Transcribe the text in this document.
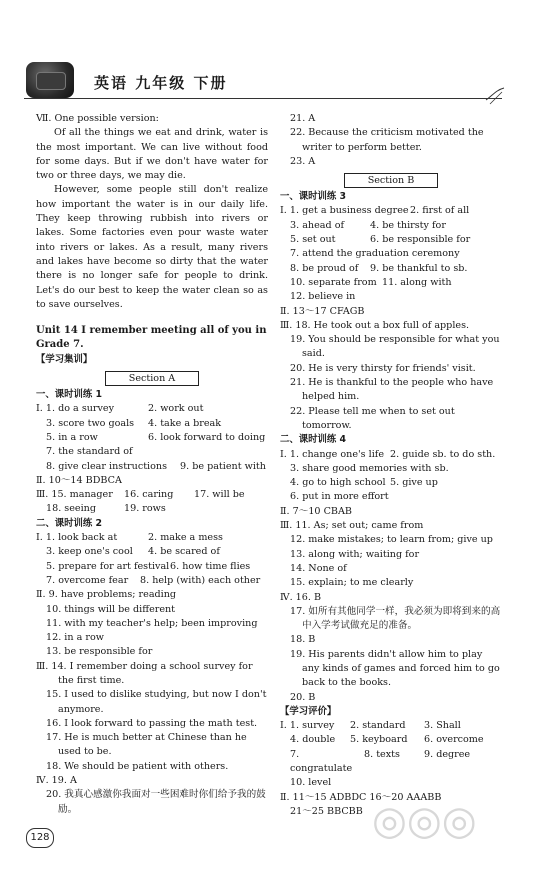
英语 九年级 下册

Ⅶ. One possible version:

Of all the things we eat and drink, water is the most important. We can live without food for some days. But if we don't have water for two or three days, we may die.

However, some people still don't realize how important the water is in our daily life. They keep throwing rubbish into rivers or lakes. Some factories even pour waste water into rivers or lakes. As a result, many rivers and lakes have become so dirty that the water there is no longer safe for people to drink. Let's do our best to keep the water clean so as to save ourselves.

Unit 14 I remember meeting all of you in Grade 7.

【学习集训】

Section A

一、课时训练 1

Ⅰ. 1. do a survey	2. work out
3. score two goals	4. take a break
5. in a row	6. look forward to doing
7. the standard of
8. give clear instructions	9. be patient with

Ⅱ. 10～14 BDBCA

Ⅲ. 15. manager	16. caring	17. will be
18. seeing	19. rows

二、课时训练 2

Ⅰ. 1. look back at	2. make a mess
3. keep one's cool	4. be scared of
5. prepare for art festival 6. how time flies
7. overcome fear	8. help (with) each other

Ⅱ. 9. have problems; reading

10. things will be different

11. with my teacher's help; been improving

12. in a row

13. be responsible for

Ⅲ. 14. I remember doing a school survey for the first time.

15. I used to dislike studying, but now I don't anymore.

16. I look forward to passing the math test.

17. He is much better at Chinese than he used to be.

18. We should be patient with others.

Ⅳ. 19. A

20. 我真心感激你我面对一些困难时你们给予我的鼓励。

21. A

22. Because the criticism motivated the writer to perform better.

23. A

Section B

一、课时训练 3

Ⅰ. 1. get a business degree 2. first of all
3. ahead of	4. be thirsty for
5. set out	6. be responsible for
7. attend the graduation ceremony
8. be proud of	9. be thankful to sb.
10. separate from 11. along with
12. believe in

Ⅱ. 13～17 CFAGB

Ⅲ. 18. He took out a box full of apples.

19. You should be responsible for what you said.

20. He is very thirsty for friends' visit.

21. He is thankful to the people who have helped him.

22. Please tell me when to set out tomorrow.

二、课时训练 4

Ⅰ. 1. change one's life 2. guide sb. to do sth.
3. share good memories with sb.
4. go to high school 5. give up
6. put in more effort

Ⅱ. 7～10 CBAB

Ⅲ. 11. As; set out; came from

12. make mistakes; to learn from; give up

13. along with; waiting for

14. None of

15. explain; to me clearly

Ⅳ. 16. B

17. 如所有其他同学一样，我必须为即将到来的高中入学考试做充足的准备。

18. B

19. His parents didn't allow him to play any kinds of games and forced him to go back to the books.

20. B

【学习评价】

Ⅰ. 1. survey	2. standard	3. Shall
4. double	5. keyboard	6. overcome
7. congratulate
8. texts	9. degree
10. level

Ⅱ. 11～15 ADBDC 16～20 AAABB

21～25 BBCBB

128	◎◎◎
